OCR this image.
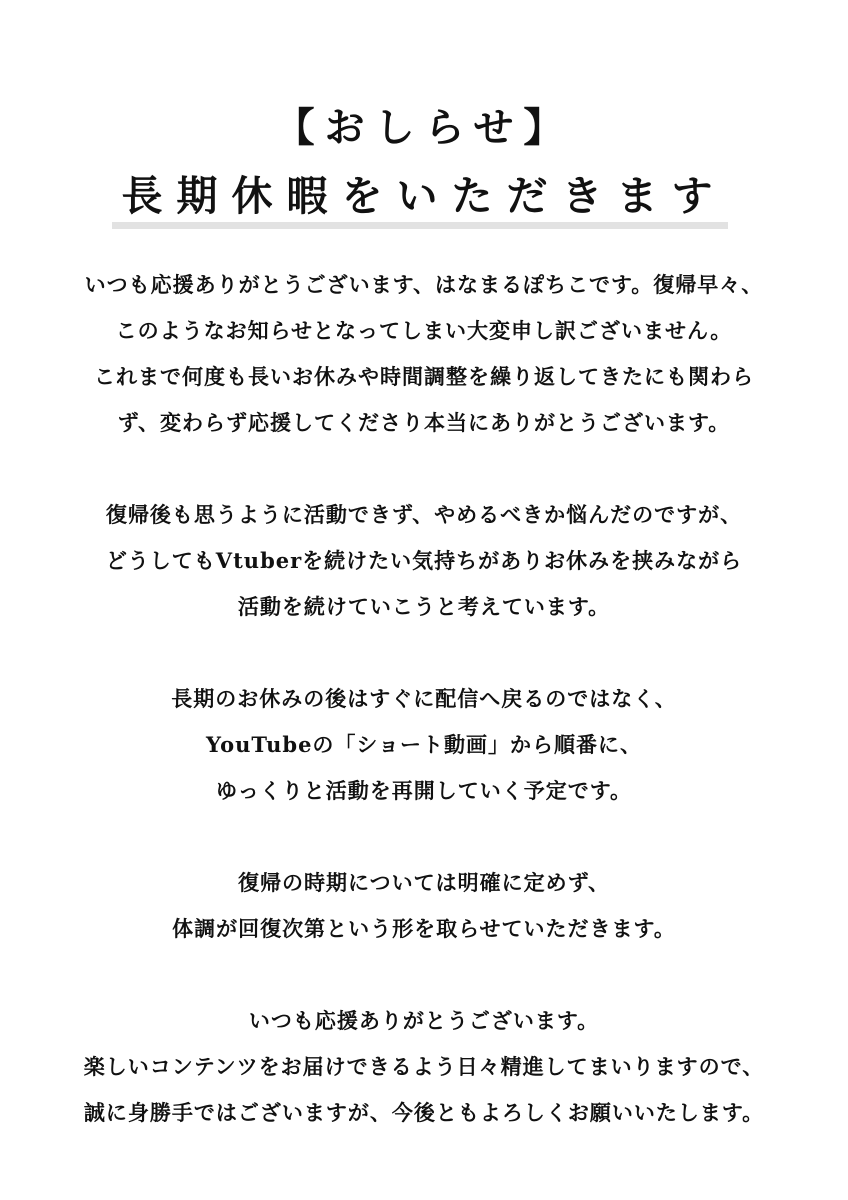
【おしらせ】
長期休暇をいただきます
いつも応援ありがとうございます、はなまるぽちこです。復帰早々、
このようなお知らせとなってしまい大変申し訳ございません。
これまで何度も長いお休みや時間調整を繰り返してきたにも関わら
ず、変わらず応援してくださり本当にありがとうございます。
復帰後も思うように活動できず、やめるべきか悩んだのですが、
どうしてもVtuberを続けたい気持ちがありお休みを挟みながら
活動を続けていこうと考えています。
長期のお休みの後はすぐに配信へ戻るのではなく、
YouTubeの「ショート動画」から順番に、
ゆっくりと活動を再開していく予定です。
復帰の時期については明確に定めず、
体調が回復次第という形を取らせていただきます。
いつも応援ありがとうございます。
楽しいコンテンツをお届けできるよう日々精進してまいりますので、
誠に身勝手ではございますが、今後ともよろしくお願いいたします。
